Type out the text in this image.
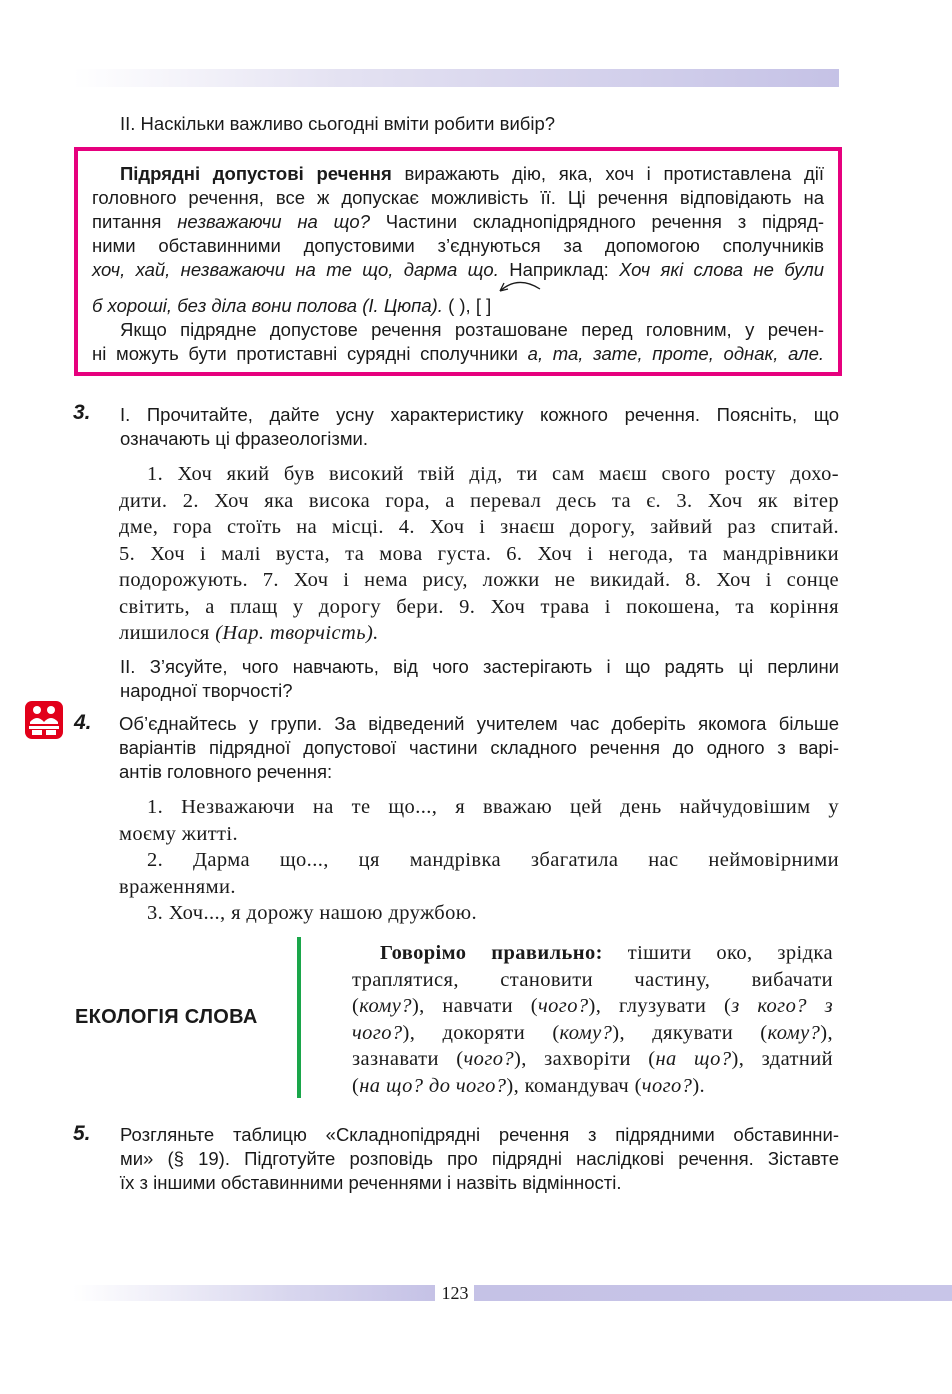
ІІ. Наскільки важливо сьогодні вміти робити вибір?
Підрядні допустові речення виражають дію, яка, хоч і протиставлена дії
головного речення, все ж допускає можливість її. Ці речення відповідають на
питання незважаючи на що? Частини складнопідрядного речення з підряд-
ними обставинними допустовими з’єднуються за допомогою сполучників
хоч, хай, незважаючи на те що, дарма що. Наприклад: Хоч які слова не були
б хороші, без діла вони полова (І. Цюпа). ( ), [ ]
Якщо підрядне допустове речення розташоване перед головним, у речен-
ні можуть бути протиставні сурядні сполучники а, та, зате, проте, однак, але.
3. І. Прочитайте, дайте усну характеристику кожного речення. Поясніть, що
означають ці фразеологізми.
1. Хоч який був високий твій дід, ти сам маєш свого росту дохо-
дити. 2. Хоч яка висока гора, а перевал десь та є. 3. Хоч як вітер
дме, гора стоїть на місці. 4. Хоч і знаєш дорогу, зайвий раз спитай.
5. Хоч і малі вуста, та мова густа. 6. Хоч і негода, та мандрівники
подорожують. 7. Хоч і нема рису, ложки не викидай. 8. Хоч і сонце
світить, а плащ у дорогу бери. 9. Хоч трава і покошена, та коріння
лишилося (Нар. творчість).
ІІ. З’ясуйте, чого навчають, від чого застерігають і що радять ці перлини
народної творчості?
4. Об’єднайтесь у групи. За відведений учителем час доберіть якомога більше
варіантів підрядної допустової частини складного речення до одного з варі-
антів головного речення:
1. Незважаючи на те що..., я вважаю цей день найчудовішим у
моєму житті.
2. Дарма що..., ця мандрівка збагатила нас неймовірними
враженнями.
3. Хоч..., я дорожу нашою дружбою.
ЕКОЛОГІЯ СЛОВА
Говорімо правильно: тішити око, зрідка
траплятися, становити частину, вибачати
(кому?), навчати (чого?), глузувати (з кого? з
чого?), докоряти (кому?), дякувати (кому?),
зазнавати (чого?), захворіти (на що?), здатний
(на що? до чого?), командувач (чого?).
5. Розгляньте таблицю «Складнопідрядні речення з підрядними обставинни-
ми» (§ 19). Підготуйте розповідь про підрядні наслідкові речення. Зіставте
їх з іншими обставинними реченнями і назвіть відмінності.
123
